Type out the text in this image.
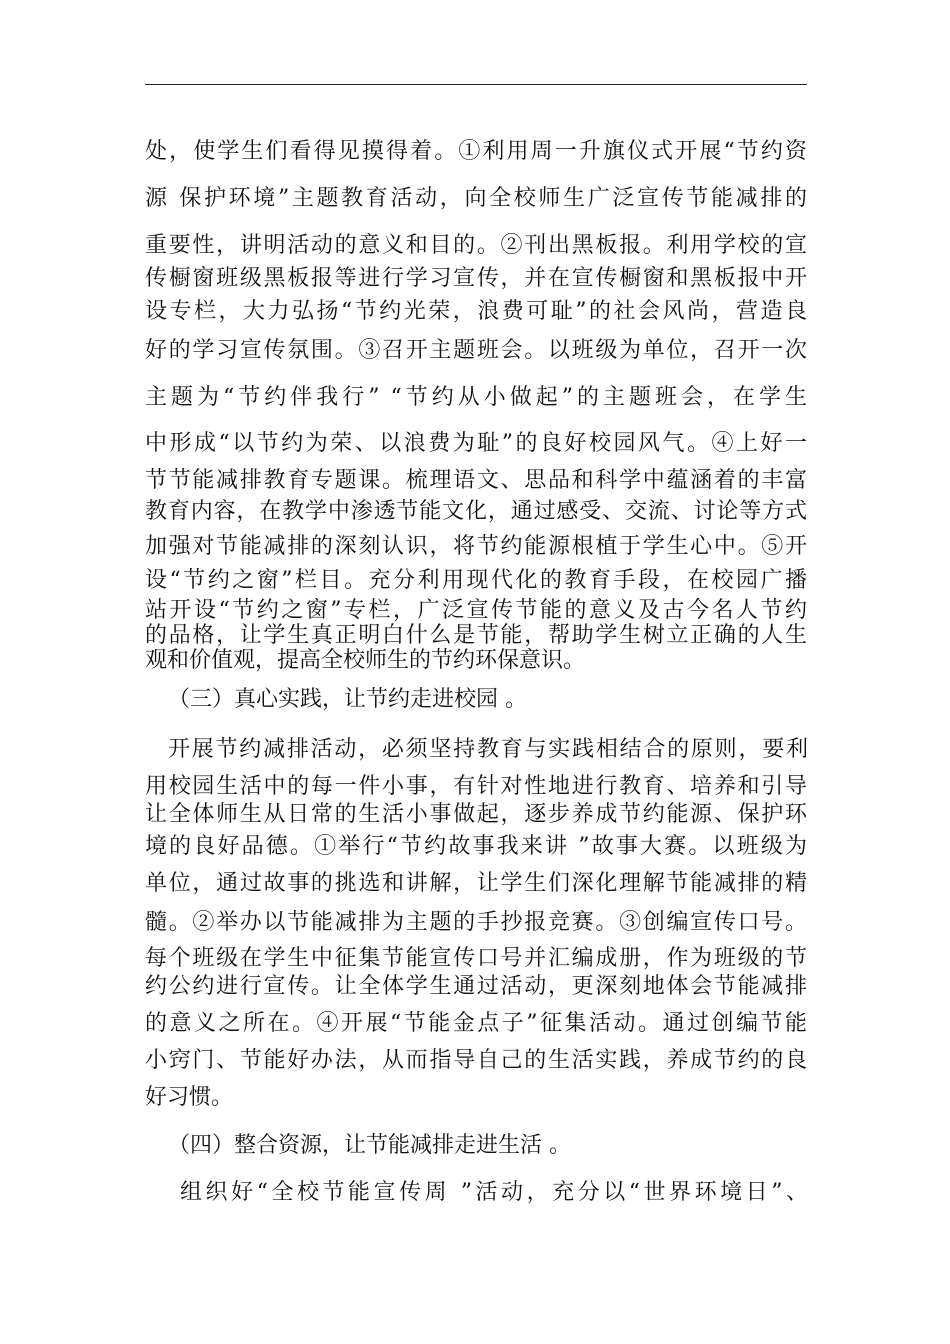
处，使学生们看得见摸得着。①利用周一升旗仪式开展“节约资
源 保护环境”主题教育活动，向全校师生广泛宣传节能减排的
重要性，讲明活动的意义和目的。②刊出黑板报。利用学校的宣
传橱窗班级黑板报等进行学习宣传，并在宣传橱窗和黑板报中开
设专栏，大力弘扬“节约光荣，浪费可耻”的社会风尚，营造良
好的学习宣传氛围。③召开主题班会。以班级为单位，召开一次
主题为“节约伴我行” “节约从小做起”的主题班会，在学生
中形成“以节约为荣、以浪费为耻”的良好校园风气。④上好一
节节能减排教育专题课。梳理语文、思品和科学中蕴涵着的丰富
教育内容，在教学中渗透节能文化，通过感受、交流、讨论等方式
加强对节能减排的深刻认识，将节约能源根植于学生心中。⑤开
设“节约之窗”栏目。充分利用现代化的教育手段，在校园广播
站开设“节约之窗”专栏，广泛宣传节能的意义及古今名人节约
的品格，让学生真正明白什么是节能，帮助学生树立正确的人生
观和价值观，提高全校师生的节约环保意识。
（三）真心实践，让节约走进校园 。
开展节约减排活动，必须坚持教育与实践相结合的原则，要利
用校园生活中的每一件小事，有针对性地进行教育、培养和引导
让全体师生从日常的生活小事做起，逐步养成节约能源、保护环
境的良好品德。①举行“节约故事我来讲 ”故事大赛。以班级为
单位，通过故事的挑选和讲解，让学生们深化理解节能减排的精
髓。②举办以节能减排为主题的手抄报竞赛。③创编宣传口号。
每个班级在学生中征集节能宣传口号并汇编成册，作为班级的节
约公约进行宣传。让全体学生通过活动，更深刻地体会节能减排
的意义之所在。④开展“节能金点子”征集活动。通过创编节能
小窍门、节能好办法，从而指导自己的生活实践，养成节约的良
好习惯。
（四）整合资源，让节能减排走进生活 。
组织好“全校节能宣传周 ”活动，充分以“世界环境日”、
